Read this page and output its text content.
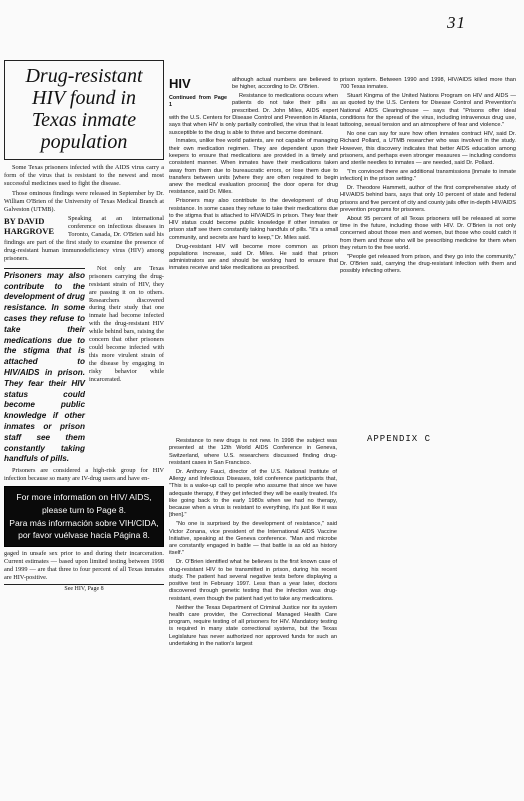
31
Drug-resistant HIV found in Texas inmate population

Some Texas prisoners infected with the AIDS virus carry a form of the virus that is resistant to the newest and most successful medicines used to fight the disease.

Those ominous findings were released in September by Dr. William O'Brien of the University of Texas Medical Branch at Galveston (UTMB).

BY DAVID
HARGROVE

Speaking at an international conference on infectious diseases in Toronto, Canada, Dr. O'Brien said his findings are part of the first study to examine the presence of drug-resistant human immunodeficiency virus (HIV) among prisoners.

Prisoners may also contribute to the development of drug resistance. In some cases they refuse to take their medications due to the stigma that is attached to HIV/AIDS in prison. They fear their HIV status could become public knowledge if other inmates or prison staff see them constantly taking handfuls of pills.

Not only are Texas prisoners carrying the drug-resistant strain of HIV, they are passing it on to others. Researchers discovered during their study that one inmate had become infected with the drug-resistant HIV while behind bars, raising the concern that other prisoners could become infected with this more virulent strain of the disease by engaging in risky behavior while incarcerated.

Prisoners are considered a high-risk group for HIV infection because so many are IV-drug users and have en-

For more information on HIV/ AIDS, please turn to Page 8.
Para más información sobre VIH/CIDA, por favor vuélvase hacia Página 8.

gaged in unsafe sex prior to and during their incarceration. Current estimates — based upon limited testing between 1998 and 1999 — are that three to four percent of all Texas inmates are HIV-positive.

See HIV, Page 8
HIV
Continued from Page 1

although actual numbers are believed to be higher, according to Dr. O'Brien.

Resistance to medications occurs when patients do not take their pills as prescribed. Dr. John Miles, AIDS expert with the U.S. Centers for Disease Control and Prevention in Atlanta, says that when HIV is only partially controlled, the virus that is least susceptible to the drug is able to thrive and become dominant.

Inmates, unlike free world patients, are not capable of managing their own medication regimen. They are dependent upon their keepers to ensure that medications are provided in a timely and consistent manner. When inmates have their medications taken away from them due to bureaucratic errors, or lose them due to transfers between units [where they are often required to begin anew the medical evaluation process] the door opens for drug resistance, said Dr. Miles.

Prisoners may also contribute to the development of drug resistance. In some cases they refuse to take their medications due to the stigma that is attached to HIV/AIDS in prison. They fear their HIV status could become public knowledge if other inmates or prison staff see them constantly taking handfuls of pills. "It's a small community, and secrets are hard to keep," Dr. Miles said.

Drug-resistant HIV will become more common as prison populations increase, said Dr. Miles. He said that prison administrators are and should be working hard to ensure that inmates receive and take medications as prescribed.

prison system. Between 1990 and 1998, HIV/AIDS killed more than 700 Texas inmates.

Stuart Kingma of the United Nations Program on HIV and AIDS — as quoted by the U.S. Centers for Disease Control and Prevention's National AIDS Clearinghouse — says that "Prisons offer ideal conditions for the spread of the virus, including intravenous drug use, tattooing, sexual tension and an atmosphere of fear and violence."

No one can say for sure how often inmates contract HIV, said Dr. Richard Pollard, a UTMB researcher who was involved in the study. However, this discovery indicates that better AIDS education among prisoners, and perhaps even stronger measures — including condoms and sterile needles to inmates — are needed, said Dr. Pollard.

"I'm convinced there are additional transmissions [inmate to inmate infection] in the prison setting."

Dr. Theodore Hammett, author of the first comprehensive study of HIV/AIDS behind bars, says that only 10 percent of state and federal prisons and five percent of city and county jails offer in-depth HIV/AIDS prevention programs for prisoners.

About 95 percent of all Texas prisoners will be released at some time in the future, including those with HIV. Dr. O'Brien is not only concerned about those men and women, but those who could catch it from them and those who will be prescribing medicine for them when they return to the free world.

"People get released from prison, and they go into the community," Dr. O'Brien said, carrying the drug-resistant infection with them and possibly infecting others.

Resistance to new drugs is not new. In 1998 the subject was presented at the 12th World AIDS Conference in Geneva, Switzerland, where U.S. researchers discussed finding drug-resistant cases in San Francisco.

Dr. Anthony Fauci, director of the U.S. National Institute of Allergy and Infectious Diseases, told conference participants that, "This is a wake-up call to people who assume that since we have adequate therapy, if they get infected they will be easily treated. It's like going back to the early 1980s when we had no therapy, because when a virus is resistant to everything, it's just like it was [then]."

"No one is surprised by the development of resistance," said Victor Zonana, vice president of the International AIDS Vaccine Initiative, speaking at the Geneva conference. "Man and microbe are constantly engaged in battle — that battle is as old as history itself."

Dr. O'Brien identified what he believes is the first known case of drug-resistant HIV to be transmitted in prison, during his recent study. The patient had several negative tests before displaying a positive test in February 1997. Less than a year later, doctors discovered through genetic testing that the infection was drug-resistant, even though the patient had yet to take any medications.

Neither the Texas Department of Criminal Justice nor its system health care provider, the Correctional Managed Health Care program, require testing of all prisoners for HIV. Mandatory testing is required in many state correctional systems, but the Texas Legislature has never authorized nor approved funds for such an undertaking in the nation's largest

APPENDIX C
